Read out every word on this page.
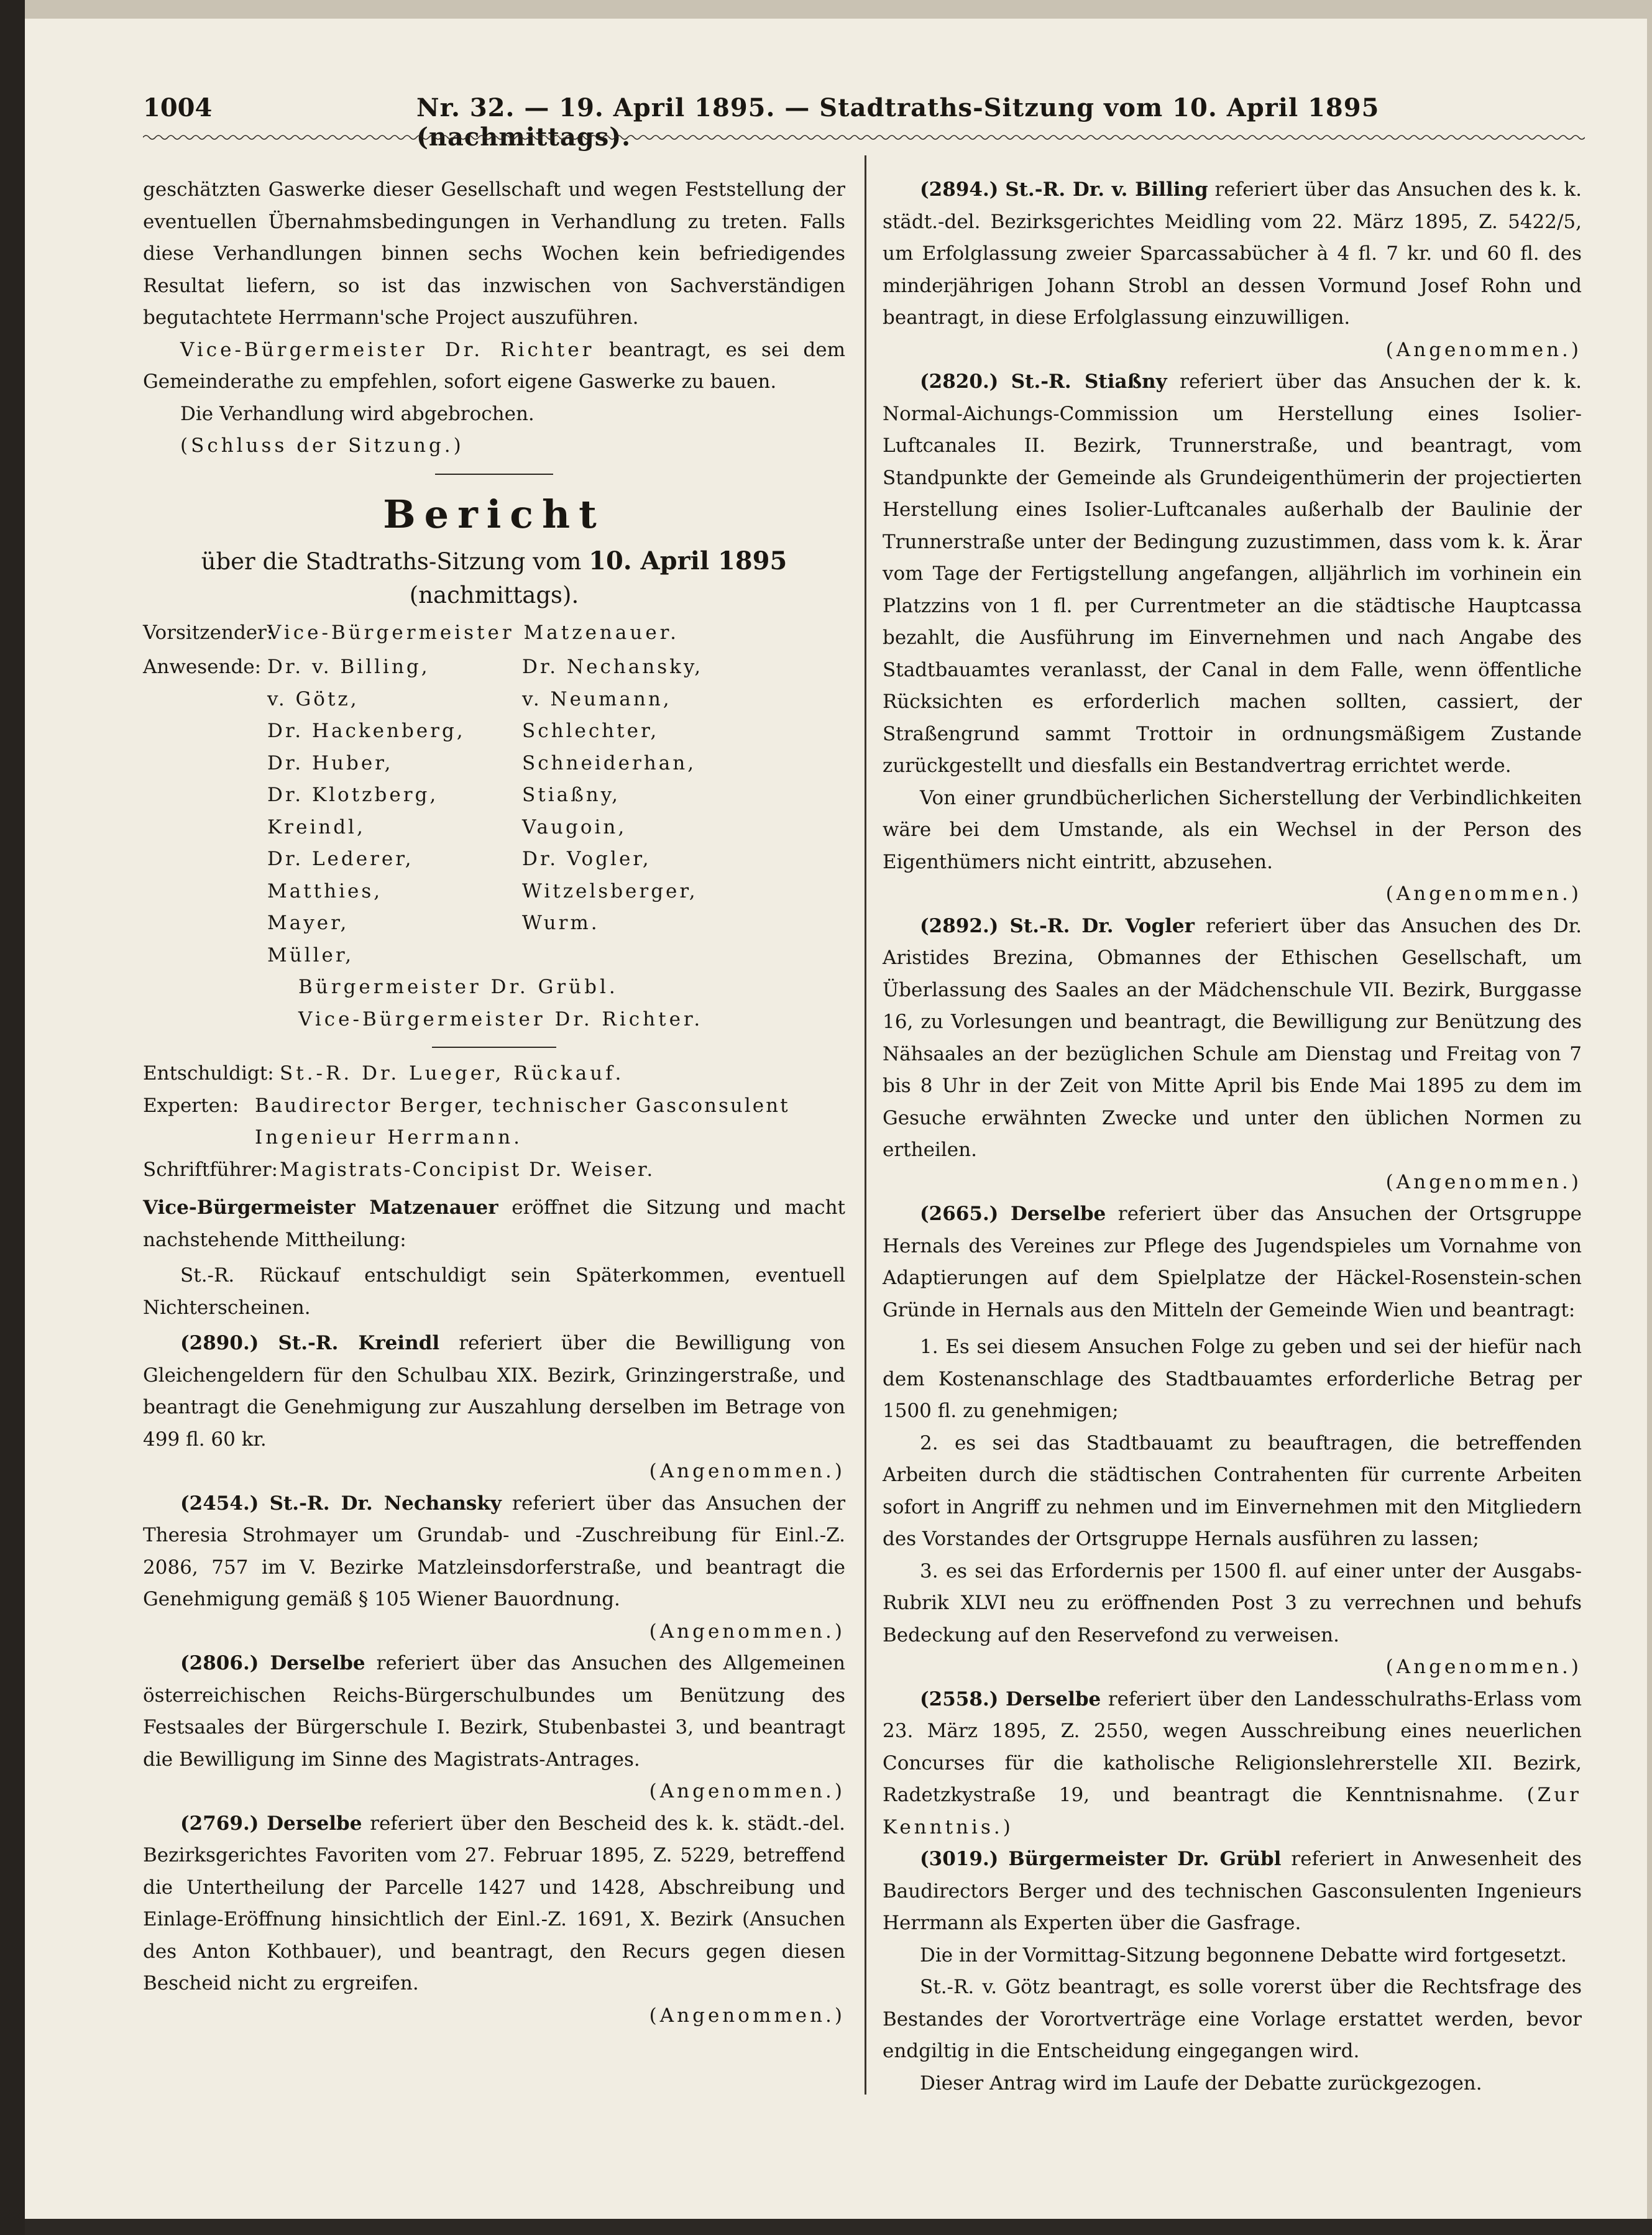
1004	Nr. 32. — 19. April 1895. — Stadtraths-Sitzung vom 10. April 1895 (nachmittags).

geschätzten Gaswerke dieser Gesellschaft und wegen Feststellung der eventuellen Übernahmsbedingungen in Verhandlung zu treten. Falls diese Verhandlungen binnen sechs Wochen kein befriedigendes Resultat liefern, so ist das inzwischen von Sachverständigen begutachtete Herrmann'sche Project auszuführen.

Vice-Bürgermeister Dr. Richter beantragt, es sei dem Gemeinderathe zu empfehlen, sofort eigene Gaswerke zu bauen.

Die Verhandlung wird abgebrochen.

(Schluss der Sitzung.)

Bericht
über die Stadtraths-Sitzung vom 10. April 1895
(nachmittags).
Vorsitzender:
Vice-Bürgermeister Matzenauer.
Anwesende: Dr. v. Billing,	Dr. Nechansky,
v. Götz,	v. Neumann,
Dr. Hackenberg,	Schlechter,
Dr. Huber,	Schneiderhan,
Dr. Klotzberg,	Stiaßny,
Kreindl,	Vaugoin,
Dr. Lederer,	Dr. Vogler,
Matthies,	Witzelsberger,
Mayer,	Wurm.
Müller,
Bürgermeister Dr. Grübl.
Vice-Bürgermeister Dr. Richter.
Entschuldigt: St.-R. Dr. Lueger, Rückauf.
Experten: Baudirector Berger, technischer Gasconsulent
Ingenieur Herrmann.
Schriftführer: Magistrats-Concipist Dr. Weiser.

Vice-Bürgermeister Matzenauer eröffnet die Sitzung und macht nachstehende Mittheilung:

St.-R. Rückauf entschuldigt sein Späterkommen, eventuell Nichterscheinen.

(2890.) St.-R. Kreindl referiert über die Bewilligung von Gleichengeldern für den Schulbau XIX. Bezirk, Grinzingerstraße, und beantragt die Genehmigung zur Auszahlung derselben im Betrage von 499 fl. 60 kr.

(Angenommen.)

(2454.) St.-R. Dr. Nechansky referiert über das Ansuchen der Theresia Strohmayer um Grundab- und -Zuschreibung für Einl.-Z. 2086, 757 im V. Bezirke Matzleinsdorferstraße, und beantragt die Genehmigung gemäß § 105 Wiener Bauordnung.

(Angenommen.)

(2806.) Derselbe referiert über das Ansuchen des Allgemeinen österreichischen Reichs-Bürgerschulbundes um Benützung des Festsaales der Bürgerschule I. Bezirk, Stubenbastei 3, und beantragt die Bewilligung im Sinne des Magistrats-Antrages.

(Angenommen.)

(2769.) Derselbe referiert über den Bescheid des k. k. städt.-del. Bezirksgerichtes Favoriten vom 27. Februar 1895, Z. 5229, betreffend die Untertheilung der Parcelle 1427 und 1428, Abschreibung und Einlage-Eröffnung hinsichtlich der Einl.-Z. 1691, X. Bezirk (Ansuchen des Anton Kothbauer), und beantragt, den Recurs gegen diesen Bescheid nicht zu ergreifen.

(Angenommen.)

(2894.) St.-R. Dr. v. Billing referiert über das Ansuchen des k. k. städt.-del. Bezirksgerichtes Meidling vom 22. März 1895, Z. 5422/5, um Erfolglassung zweier Sparcassabücher à 4 fl. 7 kr. und 60 fl. des minderjährigen Johann Strobl an dessen Vormund Josef Rohn und beantragt, in diese Erfolglassung einzuwilligen.

(Angenommen.)

(2820.) St.-R. Stiaßny referiert über das Ansuchen der k. k. Normal-Aichungs-Commission um Herstellung eines Isolier-Luftcanales II. Bezirk, Trunnerstraße, und beantragt, vom Standpunkte der Gemeinde als Grundeigenthümerin der projectierten Herstellung eines Isolier-Luftcanales außerhalb der Baulinie der Trunnerstraße unter der Bedingung zuzustimmen, dass vom k. k. Ärar vom Tage der Fertigstellung angefangen, alljährlich im vorhinein ein Platzzins von 1 fl. per Currentmeter an die städtische Hauptcassa bezahlt, die Ausführung im Einvernehmen und nach Angabe des Stadtbauamtes veranlasst, der Canal in dem Falle, wenn öffentliche Rücksichten es erforderlich machen sollten, cassiert, der Straßengrund sammt Trottoir in ordnungsmäßigem Zustande zurückgestellt und diesfalls ein Bestandvertrag errichtet werde.

Von einer grundbücherlichen Sicherstellung der Verbindlichkeiten wäre bei dem Umstande, als ein Wechsel in der Person des Eigenthümers nicht eintritt, abzusehen.

(Angenommen.)

(2892.) St.-R. Dr. Vogler referiert über das Ansuchen des Dr. Aristides Brezina, Obmannes der Ethischen Gesellschaft, um Überlassung des Saales an der Mädchenschule VII. Bezirk, Burggasse 16, zu Vorlesungen und beantragt, die Bewilligung zur Benützung des Nähsaales an der bezüglichen Schule am Dienstag und Freitag von 7 bis 8 Uhr in der Zeit von Mitte April bis Ende Mai 1895 zu dem im Gesuche erwähnten Zwecke und unter den üblichen Normen zu ertheilen.

(Angenommen.)

(2665.) Derselbe referiert über das Ansuchen der Ortsgruppe Hernals des Vereines zur Pflege des Jugendspieles um Vornahme von Adaptierungen auf dem Spielplatze der Häckel-Rosenstein-schen Gründe in Hernals aus den Mitteln der Gemeinde Wien und beantragt:

1. Es sei diesem Ansuchen Folge zu geben und sei der hiefür nach dem Kostenanschlage des Stadtbauamtes erforderliche Betrag per 1500 fl. zu genehmigen;

2. es sei das Stadtbauamt zu beauftragen, die betreffenden Arbeiten durch die städtischen Contrahenten für currente Arbeiten sofort in Angriff zu nehmen und im Einvernehmen mit den Mitgliedern des Vorstandes der Ortsgruppe Hernals ausführen zu lassen;

3. es sei das Erfordernis per 1500 fl. auf einer unter der Ausgabs-Rubrik XLVI neu zu eröffnenden Post 3 zu verrechnen und behufs Bedeckung auf den Reservefond zu verweisen.

(Angenommen.)

(2558.) Derselbe referiert über den Landesschulraths-Erlass vom 23. März 1895, Z. 2550, wegen Ausschreibung eines neuerlichen Concurses für die katholische Religionslehrerstelle XII. Bezirk, Radetzkystraße 19, und beantragt die Kenntnisnahme. (Zur Kenntnis.)

(3019.) Bürgermeister Dr. Grübl referiert in Anwesenheit des Baudirectors Berger und des technischen Gasconsulenten Ingenieurs Herrmann als Experten über die Gasfrage.

Die in der Vormittag-Sitzung begonnene Debatte wird fortgesetzt.

St.-R. v. Götz beantragt, es solle vorerst über die Rechtsfrage des Bestandes der Vorortverträge eine Vorlage erstattet werden, bevor endgiltig in die Entscheidung eingegangen wird.

Dieser Antrag wird im Laufe der Debatte zurückgezogen.
